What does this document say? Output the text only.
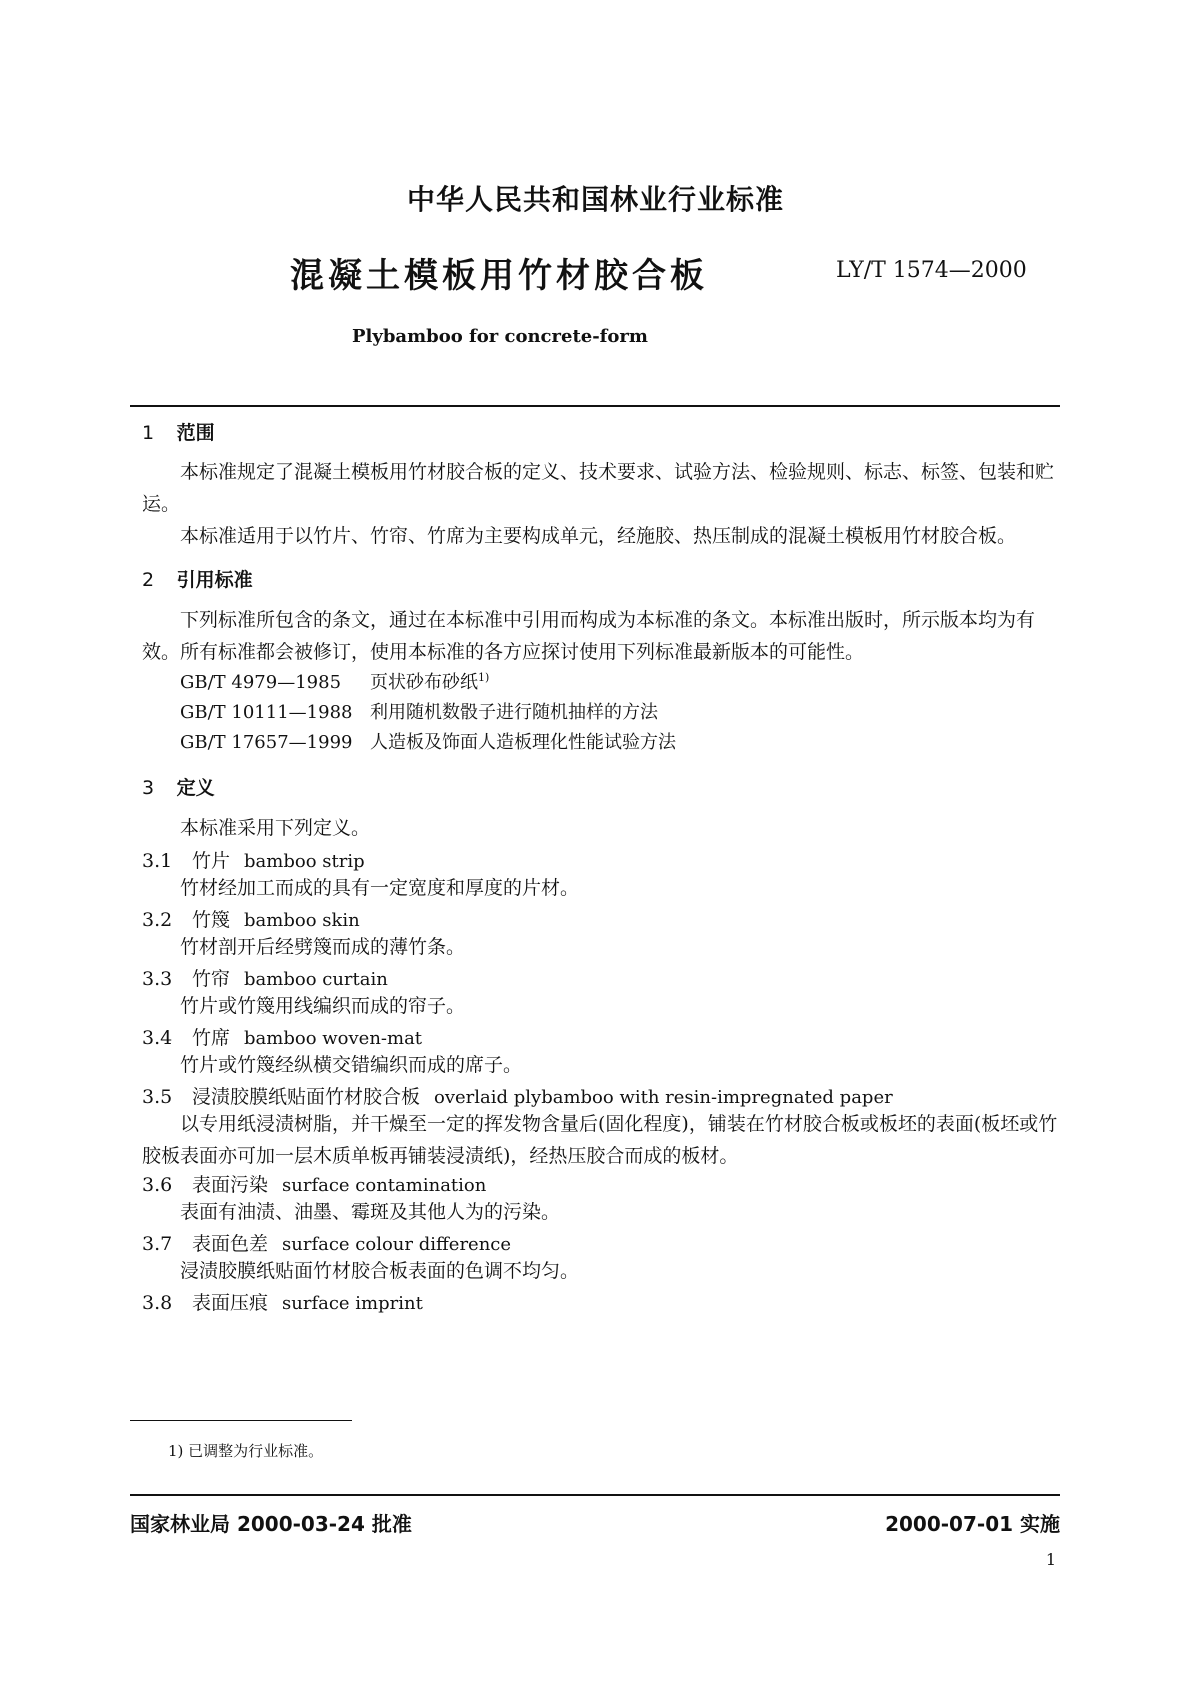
中华人民共和国林业行业标准
混凝土模板用竹材胶合板	LY/T 1574—2000
Plybamboo for concrete-form
1 范围
本标准规定了混凝土模板用竹材胶合板的定义、技术要求、试验方法、检验规则、标志、标签、包装和贮运。
本标准适用于以竹片、竹帘、竹席为主要构成单元，经施胶、热压制成的混凝土模板用竹材胶合板。
2 引用标准
下列标准所包含的条文，通过在本标准中引用而构成为本标准的条文。本标准出版时，所示版本均为有效。所有标准都会被修订，使用本标准的各方应探讨使用下列标准最新版本的可能性。
GB/T 4979—1985 页状砂布砂纸$^{1)}$
GB/T 10111—1988 利用随机数骰子进行随机抽样的方法
GB/T 17657—1999 人造板及饰面人造板理化性能试验方法
3 定义
本标准采用下列定义。
3.1 竹片 bamboo strip
竹材经加工而成的具有一定宽度和厚度的片材。
3.2 竹篾 bamboo skin
竹材剖开后经劈篾而成的薄竹条。
3.3 竹帘 bamboo curtain
竹片或竹篾用线编织而成的帘子。
3.4 竹席 bamboo woven-mat
竹片或竹篾经纵横交错编织而成的席子。
3.5 浸渍胶膜纸贴面竹材胶合板 overlaid plybamboo with resin-impregnated paper
以专用纸浸渍树脂，并干燥至一定的挥发物含量后(固化程度)，铺装在竹材胶合板或板坯的表面(板坯或竹胶板表面亦可加一层木质单板再铺装浸渍纸)，经热压胶合而成的板材。
3.6 表面污染 surface contamination
表面有油渍、油墨、霉斑及其他人为的污染。
3.7 表面色差 surface colour difference
浸渍胶膜纸贴面竹材胶合板表面的色调不均匀。
3.8 表面压痕 surface imprint
1) 已调整为行业标准。
国家林业局 2000-03-24 批准	2000-07-01 实施
1
